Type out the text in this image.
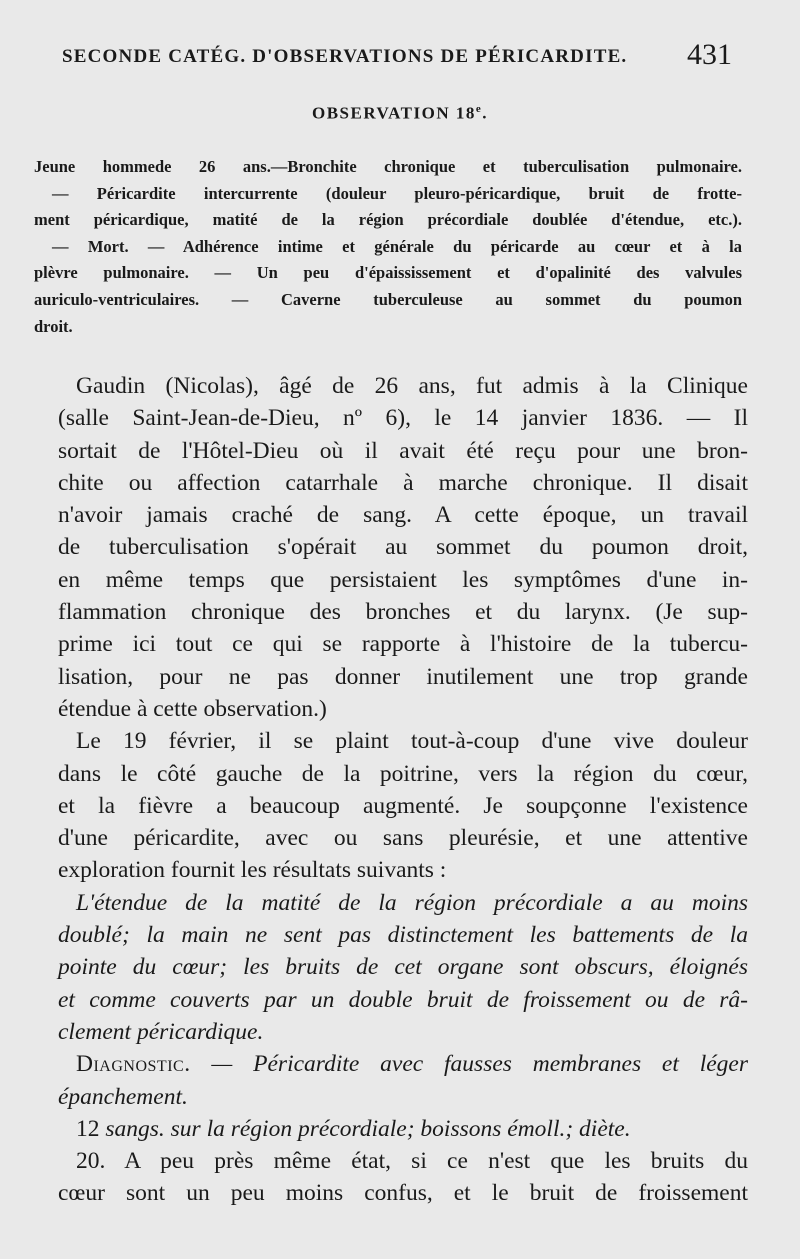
SECONDE CATÉG. D'OBSERVATIONS DE PÉRICARDITE. 431
OBSERVATION 18e.
Jeune hommede 26 ans.—Bronchite chronique et tuberculisation pulmonaire.
— Péricardite intercurrente (douleur pleuro-péricardique, bruit de frotte-
ment péricardique, matité de la région précordiale doublée d'étendue, etc.).
— Mort. — Adhérence intime et générale du péricarde au cœur et à la
plèvre pulmonaire. — Un peu d'épaississement et d'opalinité des valvules
auriculo-ventriculaires. — Caverne tuberculeuse au sommet du poumon
droit.
Gaudin (Nicolas), âgé de 26 ans, fut admis à la Clinique
(salle Saint-Jean-de-Dieu, nº 6), le 14 janvier 1836. — Il
sortait de l'Hôtel-Dieu où il avait été reçu pour une bron-
chite ou affection catarrhale à marche chronique. Il disait
n'avoir jamais craché de sang. A cette époque, un travail
de tuberculisation s'opérait au sommet du poumon droit,
en même temps que persistaient les symptômes d'une in-
flammation chronique des bronches et du larynx. (Je sup-
prime ici tout ce qui se rapporte à l'histoire de la tubercu-
lisation, pour ne pas donner inutilement une trop grande
étendue à cette observation.)
Le 19 février, il se plaint tout-à-coup d'une vive douleur
dans le côté gauche de la poitrine, vers la région du cœur,
et la fièvre a beaucoup augmenté. Je soupçonne l'existence
d'une péricardite, avec ou sans pleurésie, et une attentive
exploration fournit les résultats suivants :
L'étendue de la matité de la région précordiale a au moins
doublé; la main ne sent pas distinctement les battements de la
pointe du cœur; les bruits de cet organe sont obscurs, éloignés
et comme couverts par un double bruit de froissement ou de râ-
clement péricardique.
Diagnostic. — Péricardite avec fausses membranes et léger
épanchement.
12 sangs. sur la région précordiale; boissons émoll.; diète.
20. A peu près même état, si ce n'est que les bruits du
cœur sont un peu moins confus, et le bruit de froissement
